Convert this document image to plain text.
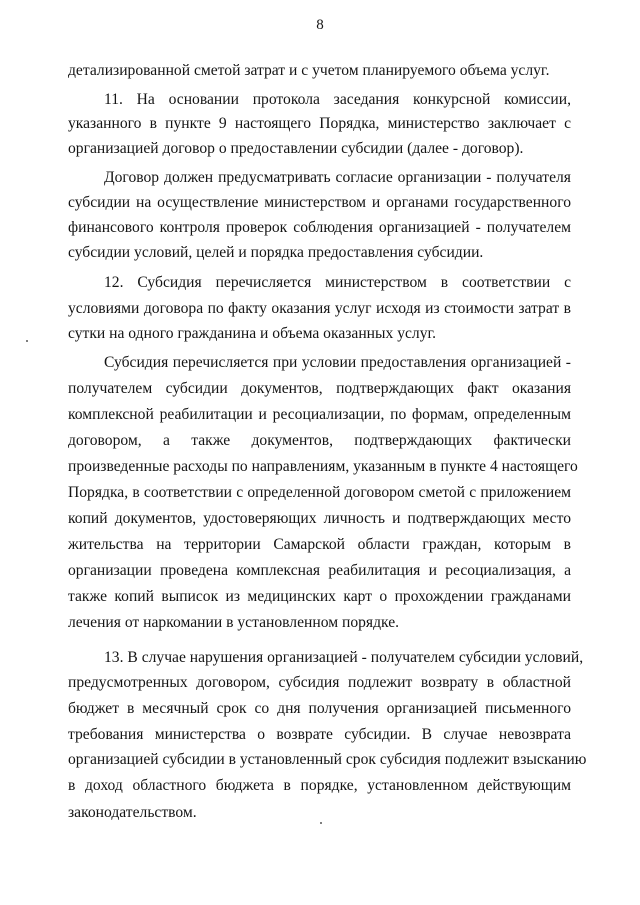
8
детализированной сметой затрат и с учетом планируемого объема услуг.
11. На основании протокола заседания конкурсной комиссии,
указанного в пункте 9 настоящего Порядка, министерство заключает с
организацией договор о предоставлении субсидии (далее - договор).
Договор должен предусматривать согласие организации - получателя
субсидии на осуществление министерством и органами государственного
финансового контроля проверок соблюдения организацией - получателем
субсидии условий, целей и порядка предоставления субсидии.
12. Субсидия перечисляется министерством в соответствии с
условиями договора по факту оказания услуг исходя из стоимости затрат в
сутки на одного гражданина и объема оказанных услуг.
Субсидия перечисляется при условии предоставления организацией -
получателем субсидии документов, подтверждающих факт оказания
комплексной реабилитации и ресоциализации, по формам, определенным
договором, а также документов, подтверждающих фактически
произведенные расходы по направлениям, указанным в пункте 4 настоящего
Порядка, в соответствии с определенной договором сметой с приложением
копий документов, удостоверяющих личность и подтверждающих место
жительства на территории Самарской области граждан, которым в
организации проведена комплексная реабилитация и ресоциализация, а
также копий выписок из медицинских карт о прохождении гражданами
лечения от наркомании в установленном порядке.
13. В случае нарушения организацией - получателем субсидии условий,
предусмотренных договором, субсидия подлежит возврату в областной
бюджет в месячный срок со дня получения организацией письменного
требования министерства о возврате субсидии. В случае невозврата
организацией субсидии в установленный срок субсидия подлежит взысканию
в доход областного бюджета в порядке, установленном действующим
законодательством.
